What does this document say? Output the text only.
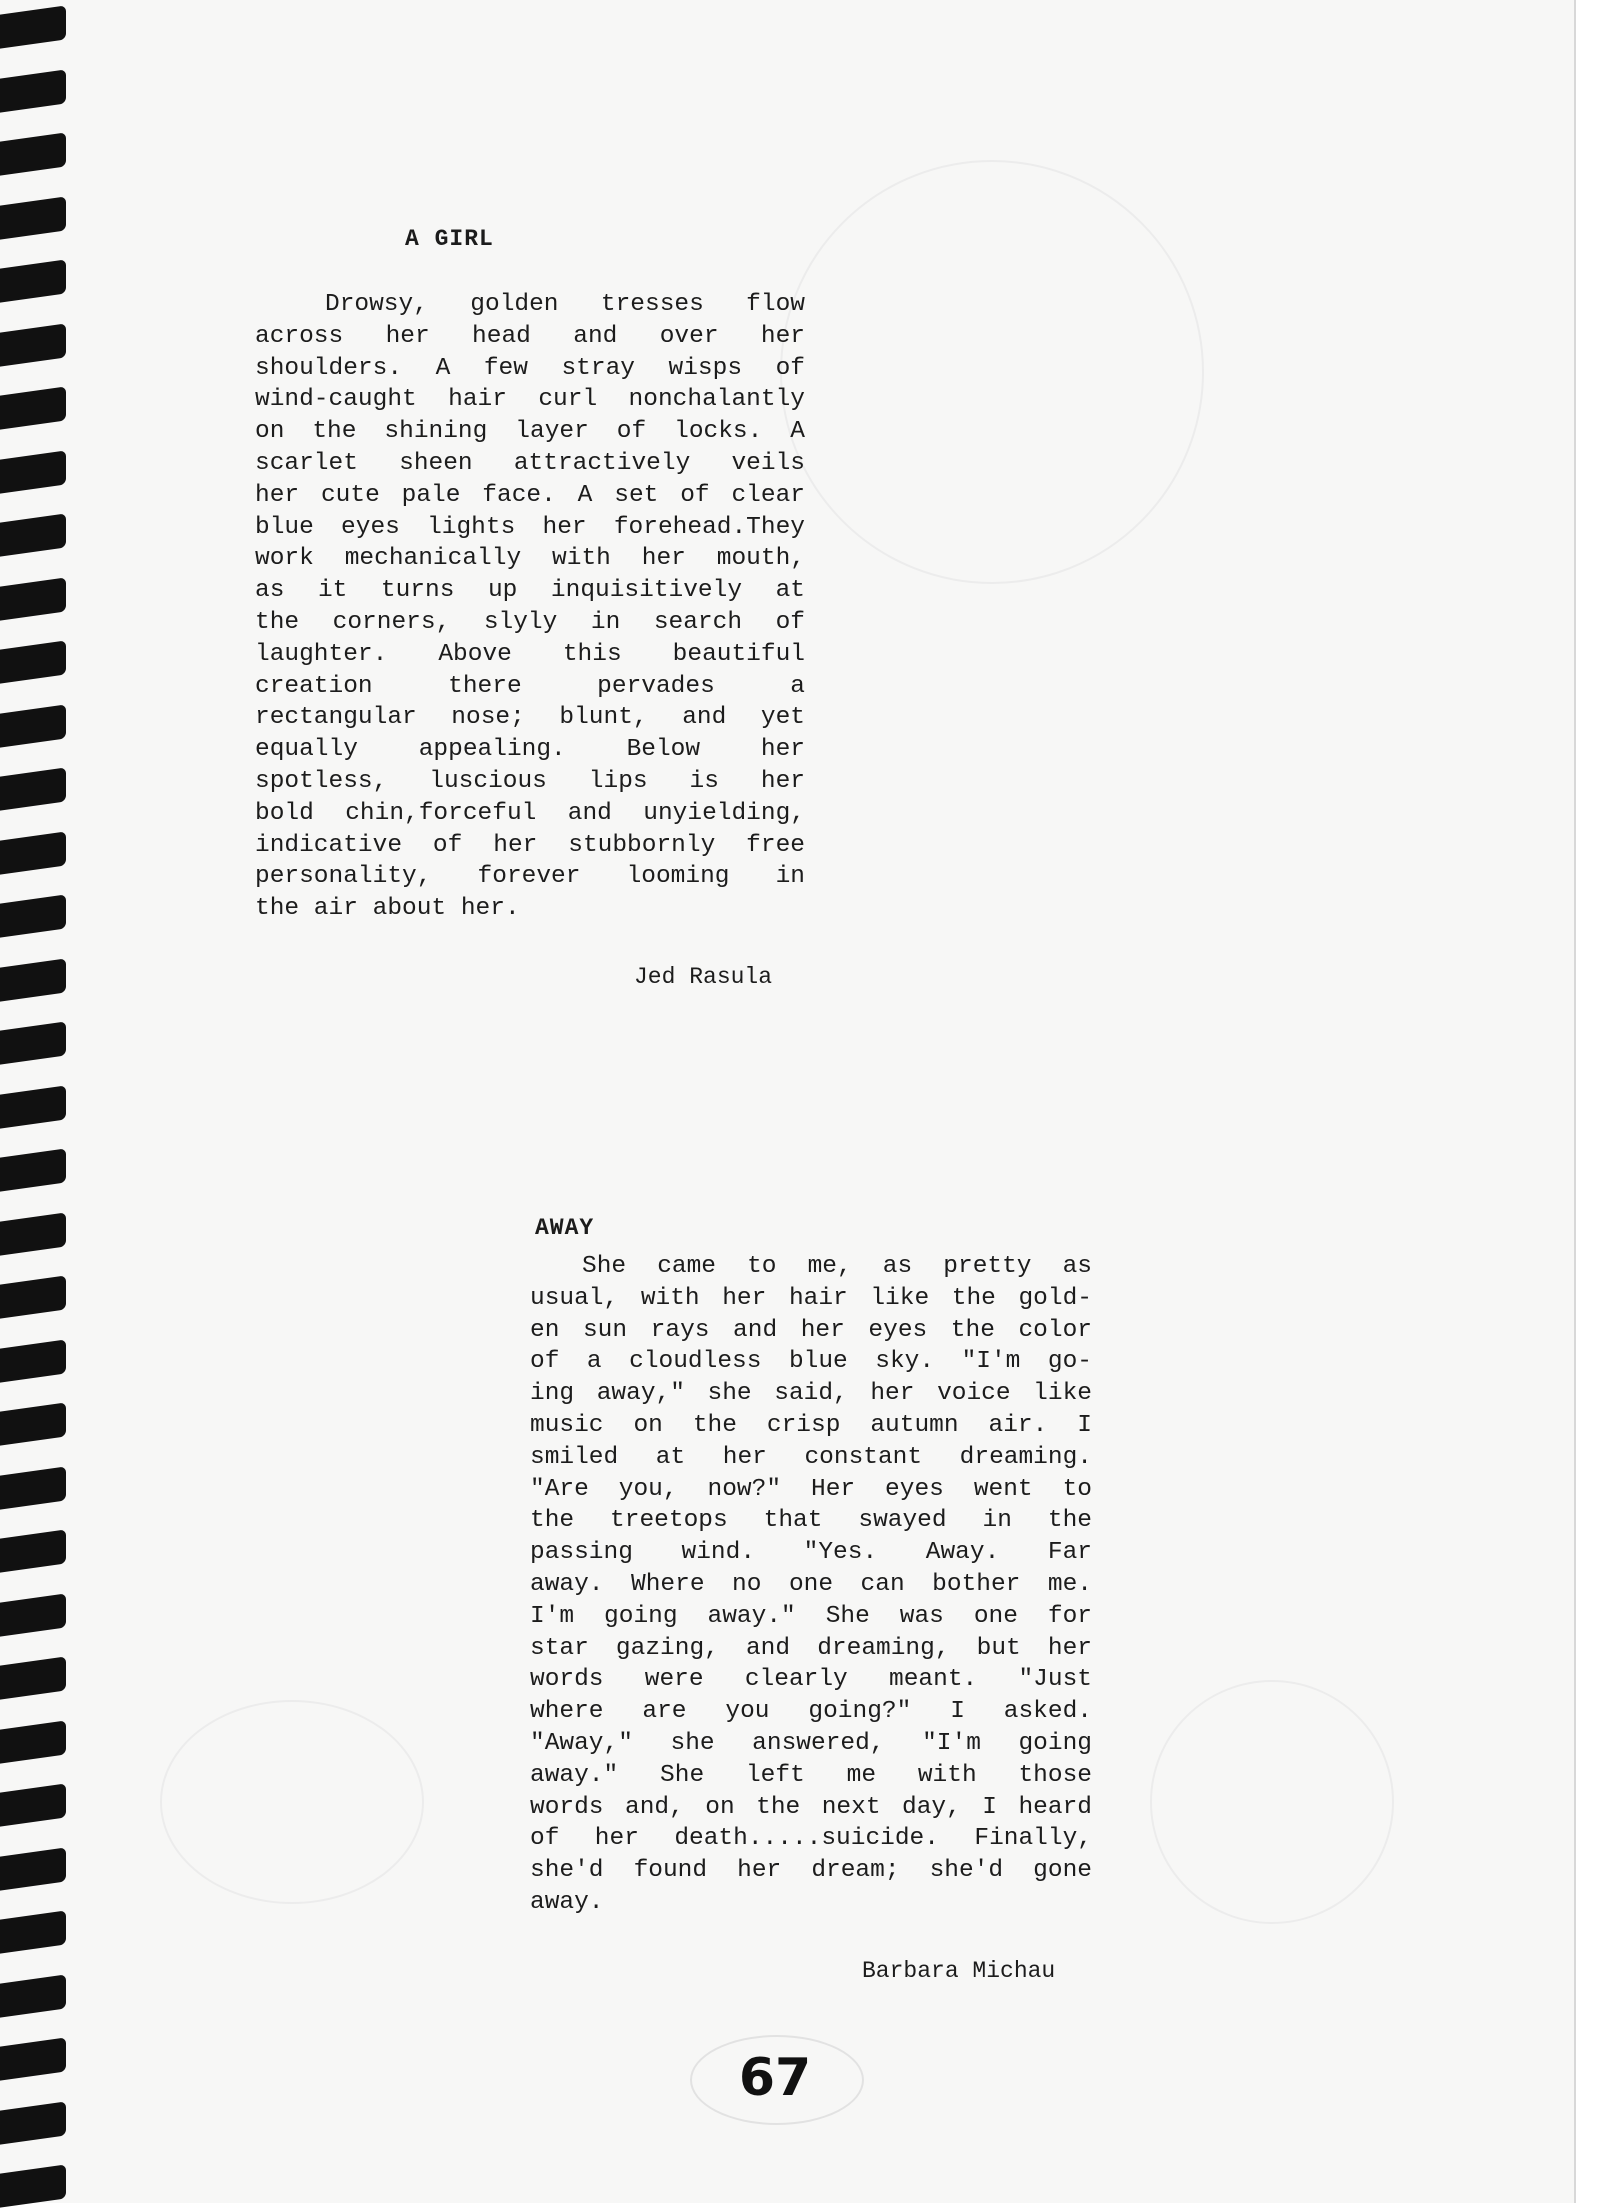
A GIRL
Drowsy, golden tresses flow
across her head and over her
shoulders. A few stray wisps of
wind-caught hair curl nonchalantly
on the shining layer of locks. A
scarlet sheen attractively veils
her cute pale face. A set of clear
blue eyes lights her forehead.They
work mechanically with her mouth,
as it turns up inquisitively at
the corners, slyly in search of
laughter. Above this beautiful
creation there pervades a
rectangular nose; blunt, and yet
equally appealing. Below her
spotless, luscious lips is her
bold chin,forceful and unyielding,
indicative of her stubbornly free
personality, forever looming in
the air about her.

Jed Rasula

AWAY
She came to me, as pretty as
usual, with her hair like the gold-
en sun rays and her eyes the color
of a cloudless blue sky. "I'm go-
ing away," she said, her voice like
music on the crisp autumn air. I
smiled at her constant dreaming.
"Are you, now?" Her eyes went to
the treetops that swayed in the
passing wind. "Yes. Away. Far
away. Where no one can bother me.
I'm going away." She was one for
star gazing, and dreaming, but her
words were clearly meant. "Just
where are you going?" I asked.
"Away," she answered, "I'm going
away." She left me with those
words and, on the next day, I heard
of her death.....suicide. Finally,
she'd found her dream; she'd gone
away.

Barbara Michau

67
